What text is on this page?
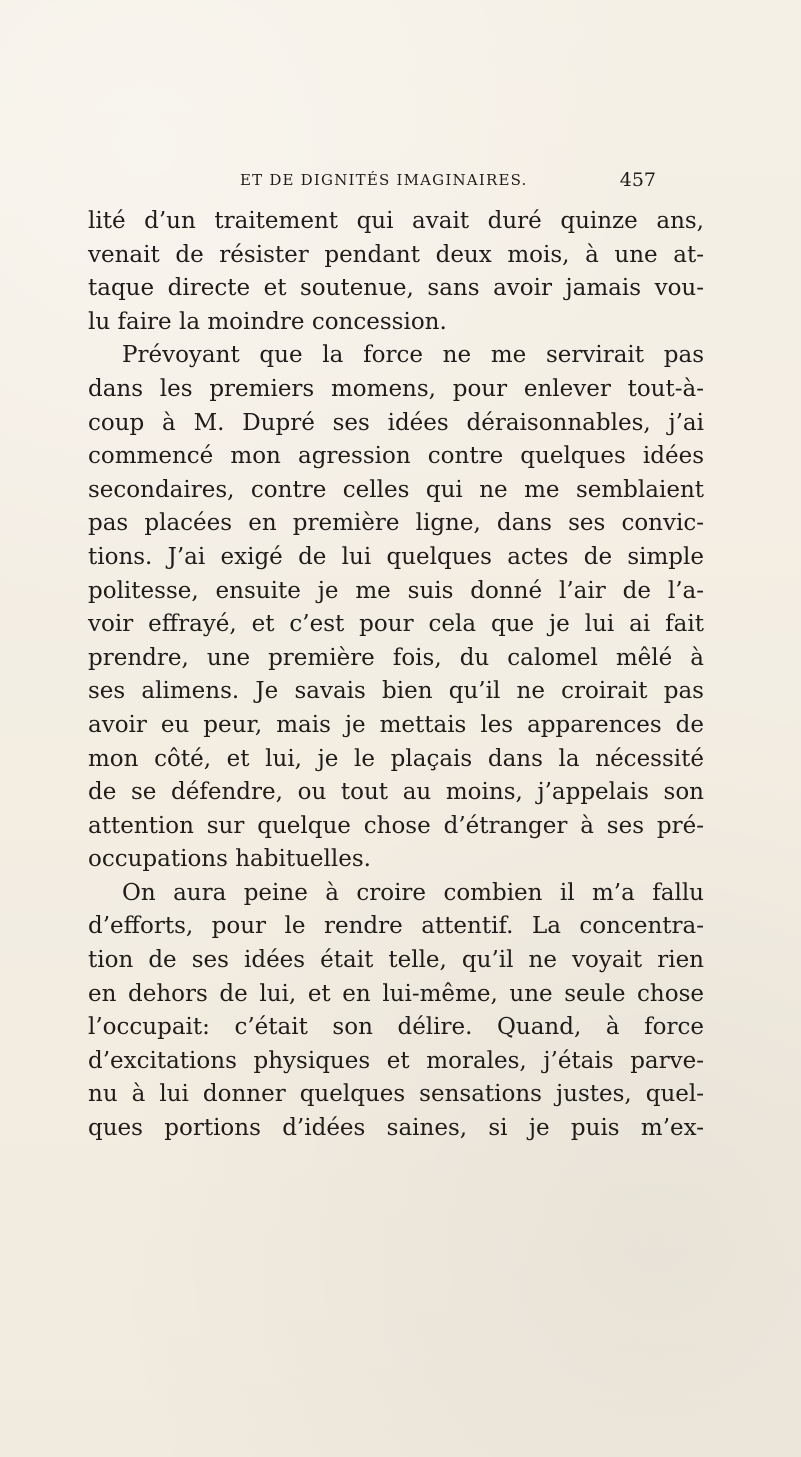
ET DE DIGNITÉS IMAGINAIRES.	457
lité d’un traitement qui avait duré quinze ans,
venait de résister pendant deux mois, à une at-
taque directe et soutenue, sans avoir jamais vou-
lu faire la moindre concession.
Prévoyant que la force ne me servirait pas
dans les premiers momens, pour enlever tout-à-
coup à M. Dupré ses idées déraisonnables, j’ai
commencé mon agression contre quelques idées
secondaires, contre celles qui ne me semblaient
pas placées en première ligne, dans ses convic-
tions. J’ai exigé de lui quelques actes de simple
politesse, ensuite je me suis donné l’air de l’a-
voir effrayé, et c’est pour cela que je lui ai fait
prendre, une première fois, du calomel mêlé à
ses alimens. Je savais bien qu’il ne croirait pas
avoir eu peur, mais je mettais les apparences de
mon côté, et lui, je le plaçais dans la nécessité
de se défendre, ou tout au moins, j’appelais son
attention sur quelque chose d’étranger à ses pré-
occupations habituelles.
On aura peine à croire combien il m’a fallu
d’efforts, pour le rendre attentif. La concentra-
tion de ses idées était telle, qu’il ne voyait rien
en dehors de lui, et en lui-même, une seule chose
l’occupait: c’était son délire. Quand, à force
d’excitations physiques et morales, j’étais parve-
nu à lui donner quelques sensations justes, quel-
ques portions d’idées saines, si je puis m’ex-
